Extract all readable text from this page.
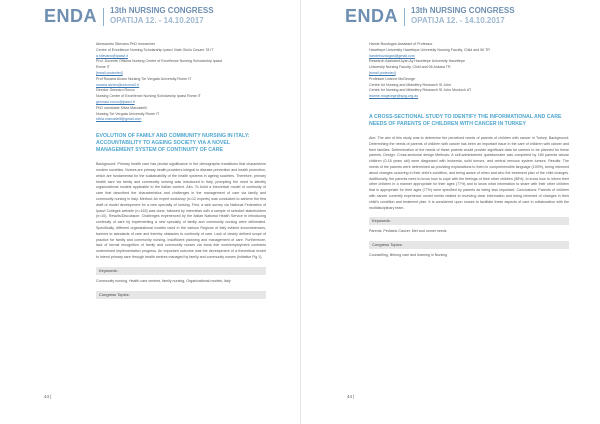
ENDA 13th NURSING CONGRESS
OPATIJA 12. - 14.10.2017

Alessandro Stievano PhD researcher

Centre of Excellence Nursing Scholarship Ipasvi Viale Giulio Cesare 78 IT

a.stievano@ipasvi.it

Prof. Docente Officina Nursing Centre of Excellence Nursing Scholarship Ipasvi

Rome IT

[email protected]

Prof Rosaria Alvaro Nursing Tor Vergata University Rome IT

rosaria.alvaro@uniroma2.it

Director Gennaro Rocco

Nursing Centre of Excellence Nursing Scholarship Ipasvi Rome IT

gennaro.rocco@ipasvi.it

PhD candidate Silvia Marcadelli

Nursing Tor Vergata University Rome IT

silvia.marcadelli@gmail.com

EVOLUTION OF FAMILY AND COMMUNITY NURSING IN ITALY:
ACCOUNTABILITY TO AGEING SOCIETY VIA A NOVEL MANAGEMENT SYSTEM OF CONTINUITY OF CARE

Background: Primary health care has pivotal significance in the demographic transitions that characterize modern societies. Nurses are primary health providers integral to disease prevention and health promotion, which are fundamental for the sustainability of the health systems in ageing societies. Therefore, primary health care via family and community nursing was introduced in Italy, prompting the need to identify organizational models applicable to the Italian context. Aim: To build a theoretical model of continuity of care that described the characteristics and challenges in the management of care via family and community nursing in Italy. Method: An expert workshop (n=12 experts) was conducted to achieve the first draft of model development for a new specialty of nursing. First, a web survey via National Federation of Ipasvi Colleges website (n=163) was done, followed by interviews with a sample of selected stakeholders (n=10). Results/Discussion: Challenges experienced by the Italian National Health Service in introducing continuity of care by implementing a new specialty of family and community nursing were delineated. Specifically, different organizational models used in the various Regions of Italy evident inconsistencies, barriers to standards of care and thereby obstacles to continuity of care. Lack of clearly defined scope of practice for family and community nursing, insufficient planning and management of care. Furthermore, lack of formal recognition of family and community nurses via bona fide work/employment contracts undermined implementation progress. An important outcome was the development of a theoretical model to intend primary care through health centres managed by family and community nurses (Initiative Fig 1).

Keywords:

Community nursing, Health care centres, family nursing, Organizational models, Italy

Congress Topics:
44 |
ENDA 13th NURSING CONGRESS
OPATIJA 12. - 14.10.2017

Hande Bozdogan Assistant of Professor

Hacettepe University Hacettepe University Nursing Faculty, Child and 06 TR

handebozdogan@gmail.com

Research Assistant Aysn Ay Hacettepe University Hacettepe

University Nursing Faculty, Child and 06 Ankara TR

[email protected]

Professor Leanne McGeorge

Centre for Nursing and Midwifery Research St John

Centre for Nursing and Midwifery Research St John Murdoch AT

leanne.mcgeorge@sjog.org.au

A CROSS-SECTIONAL STUDY TO IDENTIFY THE INFORMATIONAL AND CARE NEEDS OF PARENTS OF CHILDREN WITH CANCER IN TURKEY

Aim: The aim of this study was to determine the perceived needs of parents of children with cancer in Turkey. Background: Determining the needs of parents of children with cancer has been an important issue in the care of children with cancer and their families. Determination of the needs of these parents would provide significant data for careers to be planned for these parents. Design: Cross-sectional design Methods: A self-administered questionnaire was completed by 180 parents whose children (0-18 years old) were diagnosed with leukemia, solid tumors, and central nervous system tumors. Results: The needs of the parents were determined as providing explanations to them in comprehensible language (100%), being informed about changes occurring in their child's condition, and being aware of when and who the treatment plan of the child changes. Additionally, the parents need to know how to cope with the feelings of their other children (58%), to know how to inform their other children in a manner appropriate for their ages (77%) and to know what information to share with their other children that is appropriate for their ages (77%) were specified by parents as being less important. Conclusions: Parents of children with cancer currently experience unmet needs related to receiving clear information and being informed of changes in their child's condition and treatment plan. It is considered upon nurses to facilitate these aspects of care in collaboration with the multidisciplinary team.

Keywords:

Parents, Pediatric Cancer, Met and unmet needs

Congress Topics:

Counselling, lifelong care and learning in Nursing

44 |
